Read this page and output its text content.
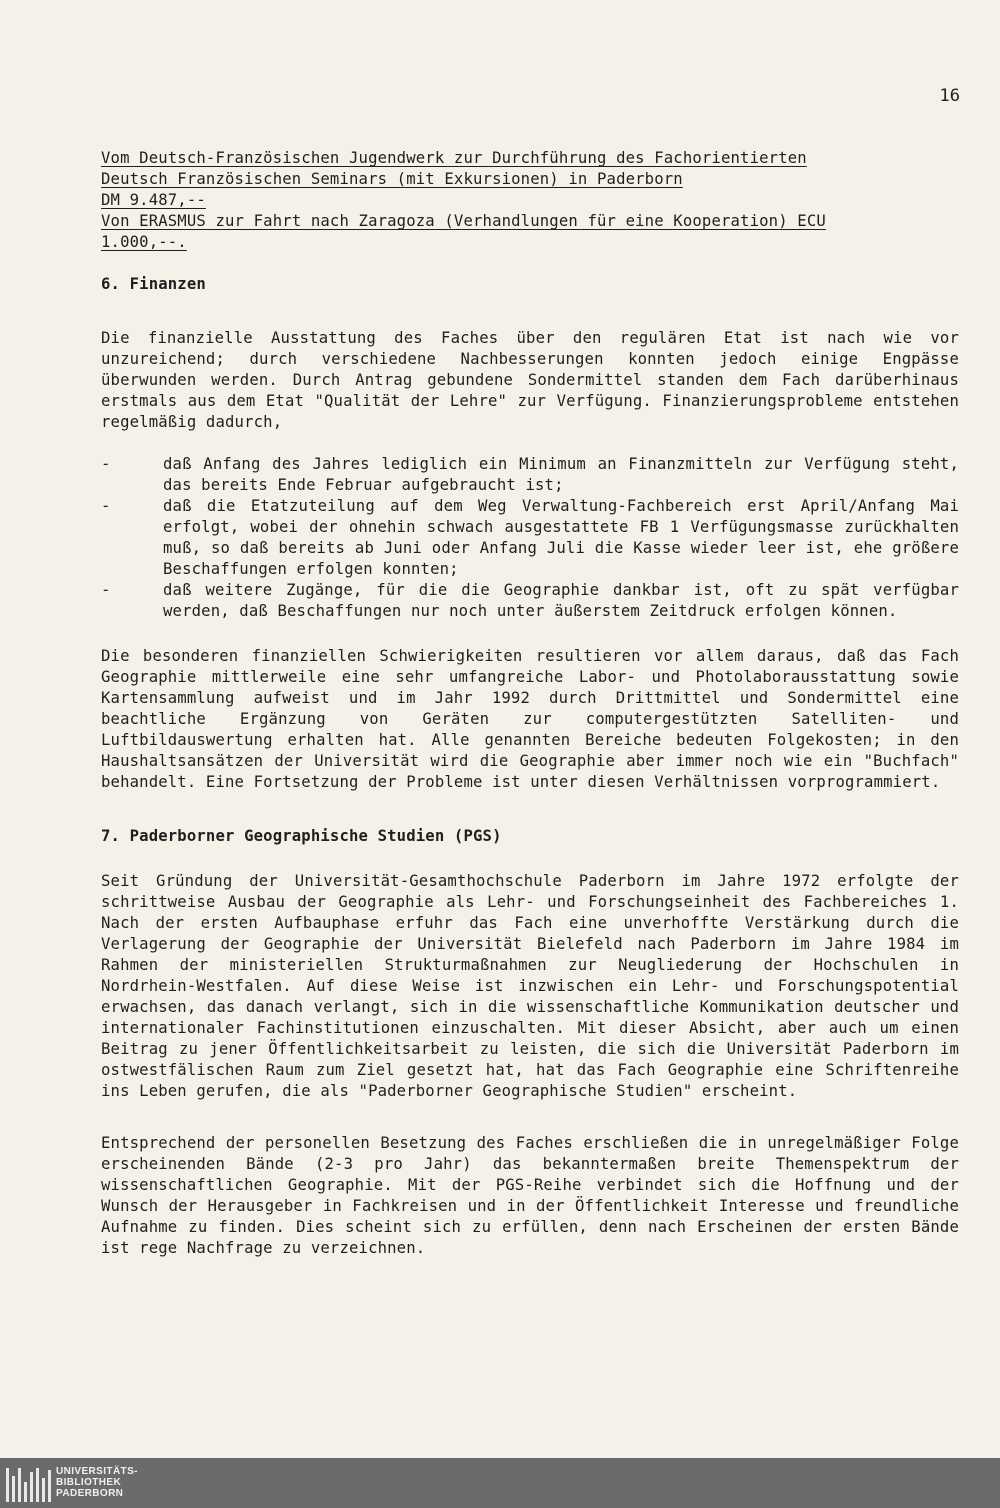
16

Vom Deutsch-Französischen Jugendwerk zur Durchführung des Fachorientierten

Deutsch Französischen Seminars (mit Exkursionen) in Paderborn

DM 9.487,--

Von ERASMUS zur Fahrt nach Zaragoza (Verhandlungen für eine Kooperation) ECU

1.000,--.

6. Finanzen

Die finanzielle Ausstattung des Faches über den regulären Etat ist nach wie vor unzureichend; durch verschiedene Nachbesserungen konnten jedoch einige Engpässe überwunden werden. Durch Antrag gebundene Sondermittel standen dem Fach darüberhinaus erstmals aus dem Etat "Qualität der Lehre" zur Verfügung. Finanzierungsprobleme entstehen regelmäßig dadurch,

-	daß Anfang des Jahres lediglich ein Minimum an Finanzmitteln zur Verfügung steht, das bereits Ende Februar aufgebraucht ist;
-	daß die Etatzuteilung auf dem Weg Verwaltung-Fachbereich erst April/Anfang Mai erfolgt, wobei der ohnehin schwach ausgestattete FB 1 Verfügungsmasse zurückhalten muß, so daß bereits ab Juni oder Anfang Juli die Kasse wieder leer ist, ehe größere Beschaffungen erfolgen konnten;
-	daß weitere Zugänge, für die die Geographie dankbar ist, oft zu spät verfügbar werden, daß Beschaffungen nur noch unter äußerstem Zeitdruck erfolgen können.

Die besonderen finanziellen Schwierigkeiten resultieren vor allem daraus, daß das Fach Geographie mittlerweile eine sehr umfangreiche Labor- und Photolaborausstattung sowie Kartensammlung aufweist und im Jahr 1992 durch Drittmittel und Sondermittel eine beachtliche Ergänzung von Geräten zur computergestützten Satelliten- und Luftbildauswertung erhalten hat. Alle genannten Bereiche bedeuten Folgekosten; in den Haushaltsansätzen der Universität wird die Geographie aber immer noch wie ein "Buchfach" behandelt. Eine Fortsetzung der Probleme ist unter diesen Verhältnissen vorprogrammiert.

7. Paderborner Geographische Studien (PGS)

Seit Gründung der Universität-Gesamthochschule Paderborn im Jahre 1972 erfolgte der schrittweise Ausbau der Geographie als Lehr- und Forschungseinheit des Fachbereiches 1. Nach der ersten Aufbauphase erfuhr das Fach eine unverhoffte Verstärkung durch die Verlagerung der Geographie der Universität Bielefeld nach Paderborn im Jahre 1984 im Rahmen der ministeriellen Strukturmaßnahmen zur Neugliederung der Hochschulen in Nordrhein-Westfalen. Auf diese Weise ist inzwischen ein Lehr- und Forschungspotential erwachsen, das danach verlangt, sich in die wissenschaftliche Kommunikation deutscher und internationaler Fachinstitutionen einzuschalten. Mit dieser Absicht, aber auch um einen Beitrag zu jener Öffentlichkeitsarbeit zu leisten, die sich die Universität Paderborn im ostwestfälischen Raum zum Ziel gesetzt hat, hat das Fach Geographie eine Schriftenreihe ins Leben gerufen, die als "Paderborner Geographische Studien" erscheint.

Entsprechend der personellen Besetzung des Faches erschließen die in unregelmäßiger Folge erscheinenden Bände (2-3 pro Jahr) das bekanntermaßen breite Themenspektrum der wissenschaftlichen Geographie. Mit der PGS-Reihe verbindet sich die Hoffnung und der Wunsch der Herausgeber in Fachkreisen und in der Öffentlichkeit Interesse und freundliche Aufnahme zu finden. Dies scheint sich zu erfüllen, denn nach Erscheinen der ersten Bände ist rege Nachfrage zu verzeichnen.

UNIVERSITÄTS-
BIBLIOTHEK
PADERBORN
